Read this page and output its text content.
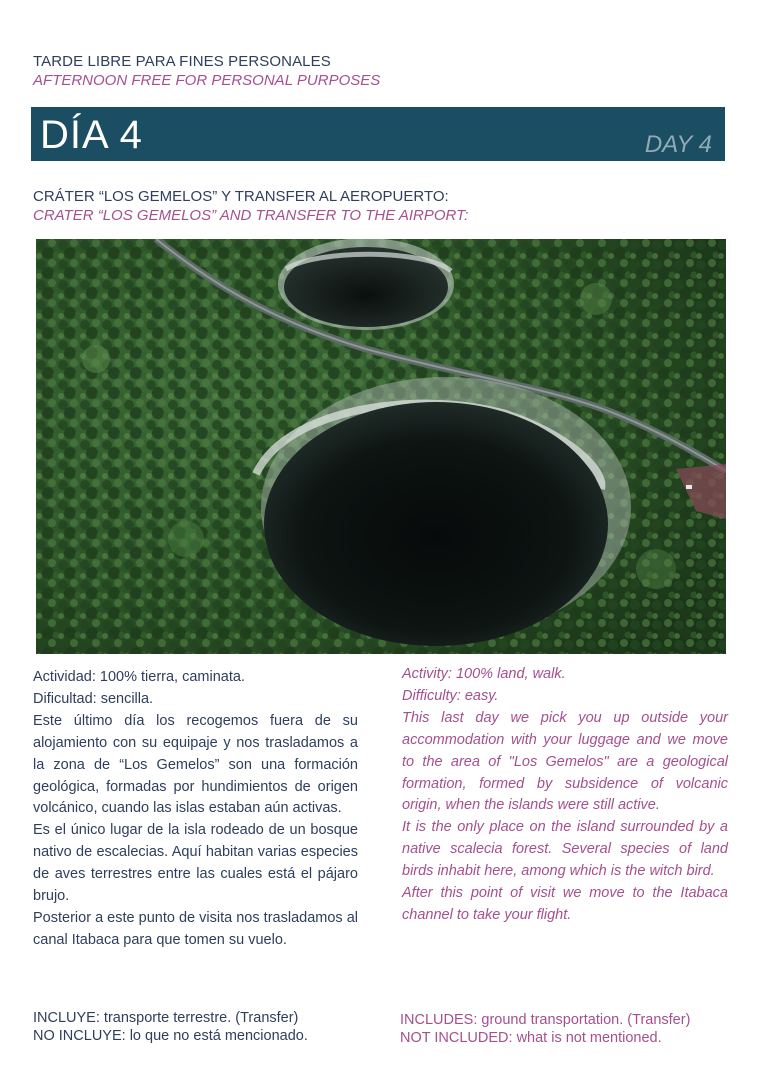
TARDE LIBRE PARA FINES PERSONALES
AFTERNOON FREE FOR PERSONAL PURPOSES
DÍA 4	DAY 4
CRÁTER “LOS GEMELOS” Y TRANSFER AL AEROPUERTO:
CRATER “LOS GEMELOS” AND TRANSFER TO THE AIRPORT:

Actividad: 100% tierra, caminata.

Dificultad: sencilla.

Este último día los recogemos fuera de su alojamiento con su equipaje y nos trasladamos a la zona de “Los Gemelos” son una formación geológica, formadas por hundimientos de origen volcánico, cuando las islas estaban aún activas.

Es el único lugar de la isla rodeado de un bosque nativo de escalecias. Aquí habitan varias especies de aves terrestres entre las cuales está el pájaro brujo.

Posterior a este punto de visita nos trasladamos al canal Itabaca para que tomen su vuelo.

Activity: 100% land, walk.

Difficulty: easy.

This last day we pick you up outside your accommodation with your luggage and we move to the area of "Los Gemelos" are a geological formation, formed by subsidence of volcanic origin, when the islands were still active.

It is the only place on the island surrounded by a native scalecia forest. Several species of land birds inhabit here, among which is the witch bird.

After this point of visit we move to the Itabaca channel to take your flight.

INCLUYE: transporte terrestre. (Transfer)
NO INCLUYE: lo que no está mencionado.
INCLUDES: ground transportation. (Transfer)
NOT INCLUDED: what is not mentioned.
